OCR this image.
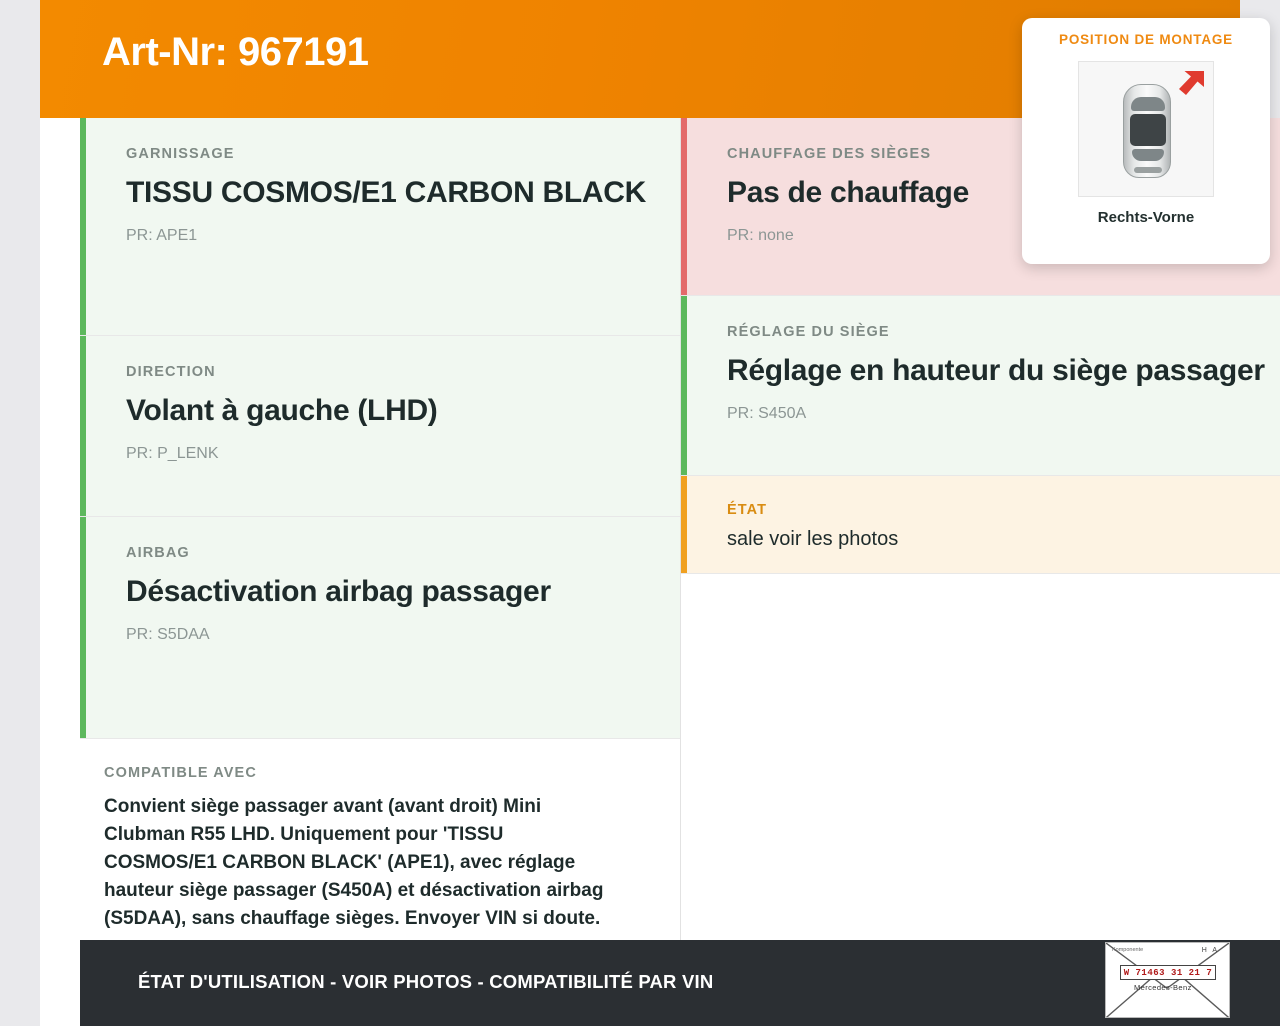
Art-Nr: 967191
GARNISSAGE
TISSU COSMOS/E1 CARBON BLACK
PR: APE1
DIRECTION
Volant à gauche (LHD)
PR: P_LENK
AIRBAG
Désactivation airbag passager
PR: S5DAA
COMPATIBLE AVEC
Convient siège passager avant (avant droit) Mini Clubman R55 LHD. Uniquement pour 'TISSU COSMOS/E1 CARBON BLACK' (APE1), avec réglage hauteur siège passager (S450A) et désactivation airbag (S5DAA), sans chauffage sièges. Envoyer VIN si doute.
CHAUFFAGE DES SIÈGES
Pas de chauffage
PR: none
RÉGLAGE DU SIÈGE
Réglage en hauteur du siège passager
PR: S450A
ÉTAT
sale voir les photos
POSITION DE MONTAGE
Rechts-Vorne
ÉTAT D'UTILISATION - VOIR PHOTOS - COMPATIBILITÉ PAR VIN
Komponente	H A
W 71463 31 21 7
Mercedes-Benz
